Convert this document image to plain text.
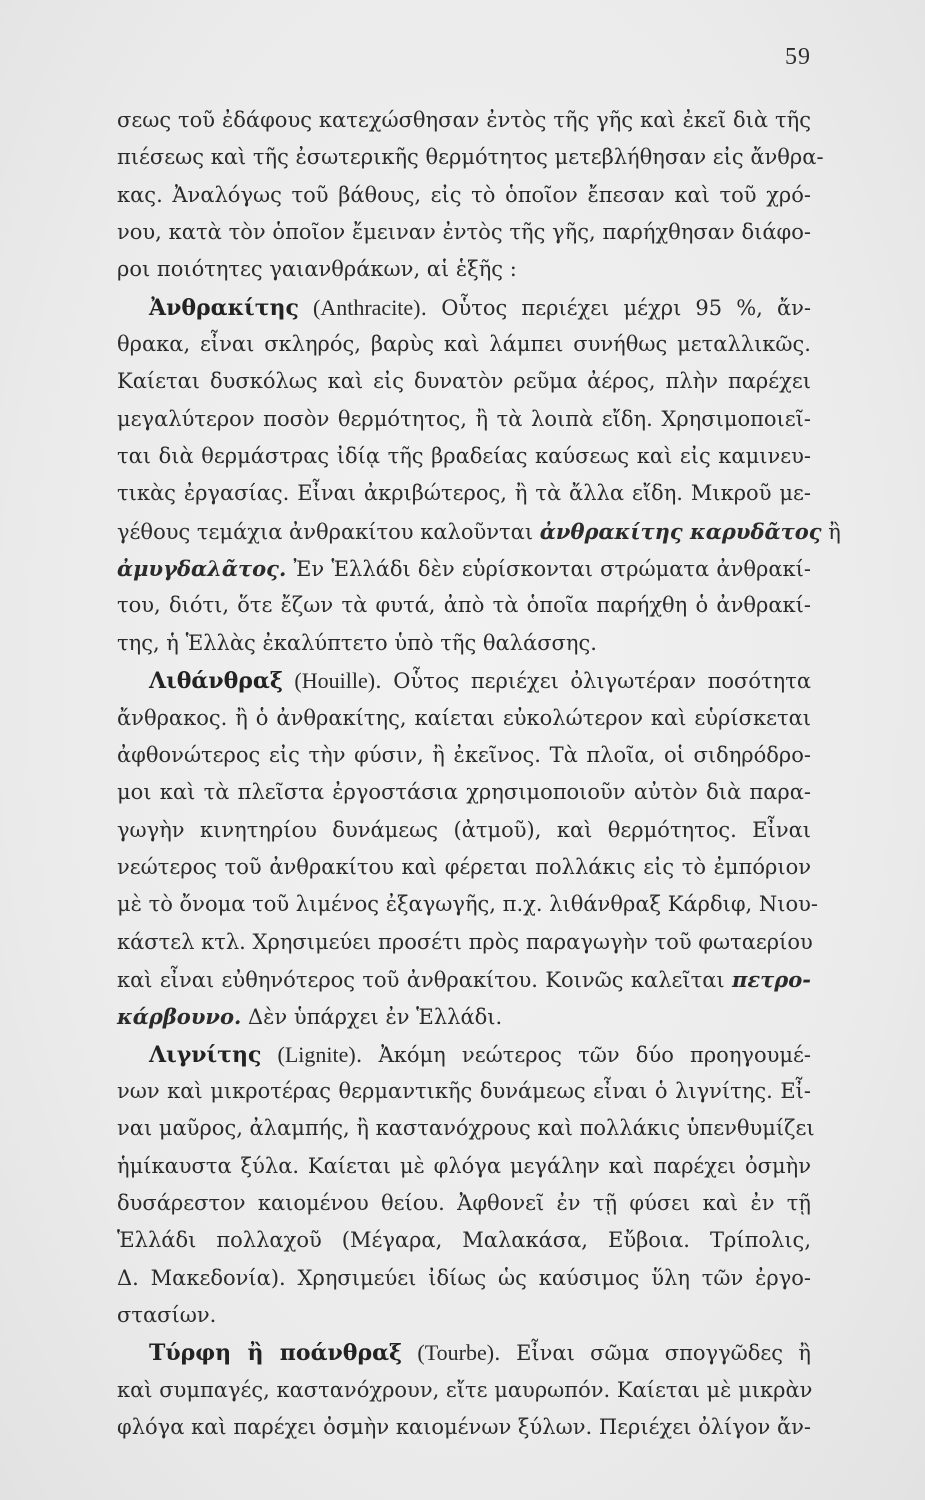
59
σεως τοῦ ἐδάφους κατεχώσθησαν ἐντὸς τῆς γῆς καὶ ἐκεῖ διὰ τῆς
πιέσεως καὶ τῆς ἐσωτερικῆς θερμότητος μετεβλήθησαν εἰς ἄνθρα-
κας. Ἀναλόγως τοῦ βάθους, εἰς τὸ ὁποῖον ἔπεσαν καὶ τοῦ χρό-
νου, κατὰ τὸν ὁποῖον ἔμειναν ἐντὸς τῆς γῆς, παρήχθησαν διάφο-
ροι ποιότητες γαιανθράκων, αἱ ἑξῆς :
Ἀνθρακίτης (Anthracite). Οὗτος περιέχει μέχρι 95 %, ἄν-
θρακα, εἶναι σκληρός, βαρὺς καὶ λάμπει συνήθως μεταλλικῶς.
Καίεται δυσκόλως καὶ εἰς δυνατὸν ρεῦμα ἀέρος, πλὴν παρέχει
μεγαλύτερον ποσὸν θερμότητος, ἢ τὰ λοιπὰ εἴδη. Χρησιμοποιεῖ-
ται διὰ θερμάστρας ἰδίᾳ τῆς βραδείας καύσεως καὶ εἰς καμινευ-
τικὰς ἐργασίας. Εἶναι ἀκριβώτερος, ἢ τὰ ἄλλα εἴδη. Μικροῦ με-
γέθους τεμάχια ἀνθρακίτου καλοῦνται ἀνθρακίτης καρυδᾶτος ἢ
ἀμυγδαλᾶτος. Ἐν Ἑλλάδι δὲν εὑρίσκονται στρώματα ἀνθρακί-
του, διότι, ὅτε ἔζων τὰ φυτά, ἀπὸ τὰ ὁποῖα παρήχθη ὁ ἀνθρακί-
της, ἡ Ἑλλὰς ἐκαλύπτετο ὑπὸ τῆς θαλάσσης.
Λιθάνθραξ (Houille). Οὗτος περιέχει ὀλιγωτέραν ποσότητα
ἄνθρακος. ἢ ὁ ἀνθρακίτης, καίεται εὐκολώτερον καὶ εὑρίσκεται
ἀφθονώτερος εἰς τὴν φύσιν, ἢ ἐκεῖνος. Τὰ πλοῖα, οἱ σιδηρόδρο-
μοι καὶ τὰ πλεῖστα ἐργοστάσια χρησιμοποιοῦν αὐτὸν διὰ παρα-
γωγὴν κινητηρίου δυνάμεως (ἀτμοῦ), καὶ θερμότητος. Εἶναι
νεώτερος τοῦ ἀνθρακίτου καὶ φέρεται πολλάκις εἰς τὸ ἐμπόριον
μὲ τὸ ὄνομα τοῦ λιμένος ἐξαγωγῆς, π.χ. λιθάνθραξ Κάρδιφ, Νιου-
κάστελ κτλ. Χρησιμεύει προσέτι πρὸς παραγωγὴν τοῦ φωταερίου
καὶ εἶναι εὐθηνότερος τοῦ ἀνθρακίτου. Κοινῶς καλεῖται πετρο-
κάρβουνο. Δὲν ὑπάρχει ἐν Ἑλλάδι.
Λιγνίτης (Lignite). Ἀκόμη νεώτερος τῶν δύο προηγουμέ-
νων καὶ μικροτέρας θερμαντικῆς δυνάμεως εἶναι ὁ λιγνίτης. Εἶ-
ναι μαῦρος, ἀλαμπής, ἢ καστανόχρους καὶ πολλάκις ὑπενθυμίζει
ἡμίκαυστα ξύλα. Καίεται μὲ φλόγα μεγάλην καὶ παρέχει ὀσμὴν
δυσάρεστον καιομένου θείου. Ἀφθονεῖ ἐν τῇ φύσει καὶ ἐν τῇ
Ἑλλάδι πολλαχοῦ (Μέγαρα, Μαλακάσα, Εὔβοια. Τρίπολις,
Δ. Μακεδονία). Χρησιμεύει ἰδίως ὡς καύσιμος ὕλη τῶν ἐργο-
στασίων.
Τύρφη ἢ ποάνθραξ (Tourbe). Εἶναι σῶμα σπογγῶδες ἢ
καὶ συμπαγές, καστανόχρουν, εἴτε μαυρωπόν. Καίεται μὲ μικρὰν
φλόγα καὶ παρέχει ὀσμὴν καιομένων ξύλων. Περιέχει ὀλίγον ἄν-
